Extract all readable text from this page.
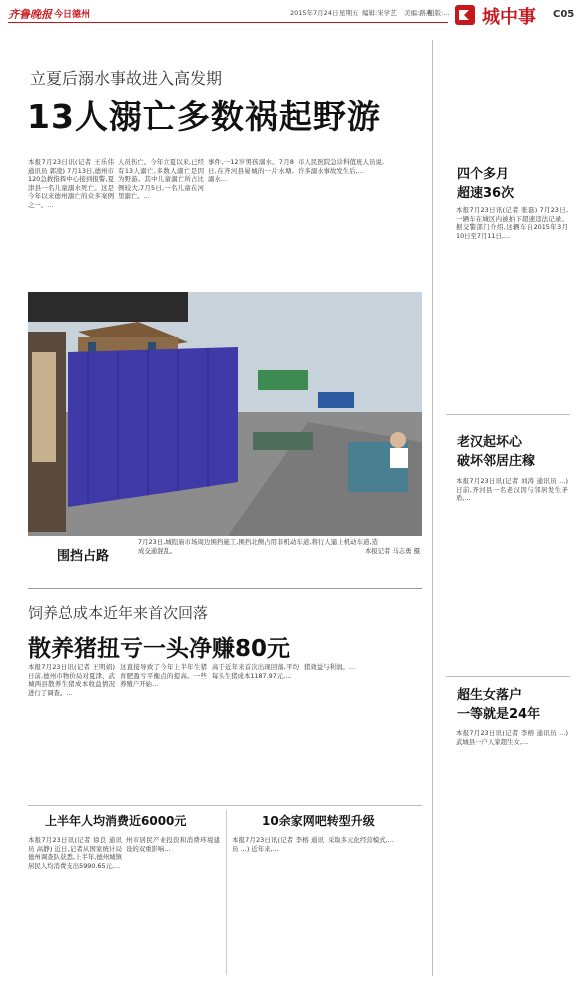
齐鲁晚报 今日德州	2015年7月24日 星期五 编辑:宋学艺 美编:路燕
组版:… 城中事 C05
立夏后溺水事故进入高发期
13人溺亡多数祸起野游
本报7月23日讯(记者 王乐伟 通讯员 郭凌) 7月13日,德州市120急救指挥中心接到报警,夏津县一名儿童溺水死亡。这是今年以来德州溺亡的众多案例之一。…
人员伤亡。今年立夏以来,已经有13人溺亡,多数人溺亡是因为野游。其中儿童溺亡所占比例较大,7月5日,一名儿童在河里溺亡。…
事件,一12岁男孩溺水。7月8日,在齐河县晏城的一片水塘,溺水…
市人民医院急诊科值班人员说,许多溺水事故发生后,…
7月23日,城隍庙市场周边围挡施工,围挡北侧占用非机动车道,将行人逼上机动车道,造成交通混乱。	本报记者 马志勇 摄
围挡占路
饲养总成本近年来首次回落
散养猪扭亏一头净赚80元
本报7月23日讯(记者 王明娟) 日前,德州市物价局对夏津、武城两县散养生猪成本收益情况进行了调查。…
这直接导致了今年上半年生猪育肥盈亏平衡点的提高。一些养殖户开始…
高于近年来首次出现回落,平均每头生猪成本1187.97元,…
猪效益与利润。…
上半年人均消费近6000元
本报7月23日讯(记者 徐良 通讯员 高静) 近日,记者从国家统计局德州调查队获悉,上半年,德州城镇居民人均消费支出5990.65元,…
州市居民产业投资和消费环境建设的双重影响…
10余家网吧转型升级
本报7月23日讯(记者 李榕 通讯员 …) 近年来,…
采取多元化经营模式,…
四个多月
超速36次
本报7月23日讯(记者 张磊) 7月23日,一辆车在城区内被拍下超速违法记录。据交警部门介绍,这辆车自2015年3月10日至7月11日,…
老汉起坏心
破坏邻居庄稼
本报7月23日讯(记者 刘涛 通讯员 …) 日前,齐河县一名老汉因与邻居发生矛盾,…
超生女落户
一等就是24年
本报7月23日讯(记者 李榕 通讯员 …) 武城县一户人家超生女,…
